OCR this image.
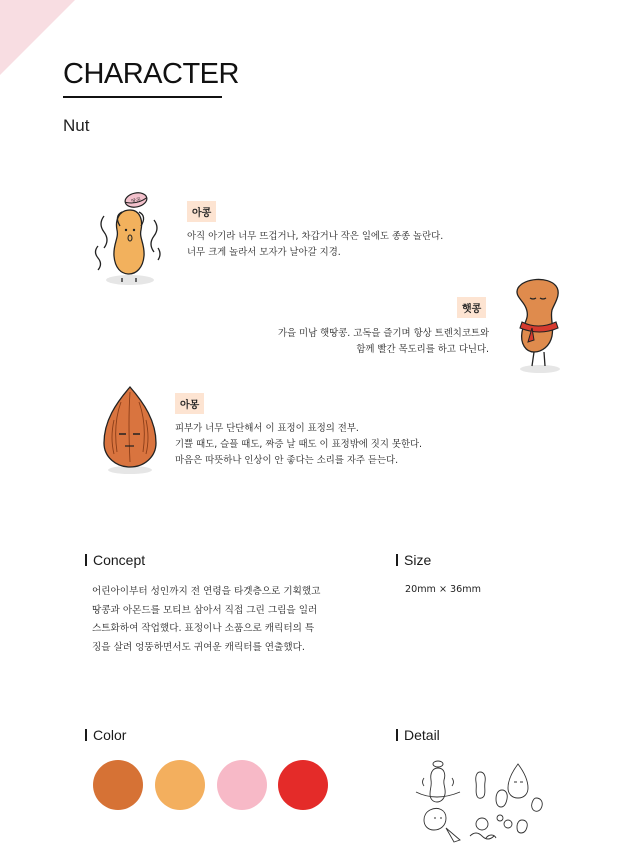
CHARACTER
Nut
땅콩
아콩
아직 아기라 너무 뜨겁거나, 차갑거나 작은 일에도 종종 놀란다.
너무 크게 놀라서 모자가 날아갈 지경.
햇콩
가을 미남 햇땅콩. 고독을 즐기며 항상 트렌치코트와
함께 빨간 목도리를 하고 다닌다.
아몽
피부가 너무 단단해서 이 표정이 표정의 전부.
기쁠 때도, 슬플 때도, 짜증 날 때도 이 표정밖에 짓지 못한다.
마음은 따뜻하나 인상이 안 좋다는 소리를 자주 듣는다.
Concept
어린아이부터 성인까지 전 연령을 타겟층으로 기획했고
땅콩과 아몬드를 모티브 삼아서 직접 그린 그림을 일러
스트화하여 작업했다. 표정이나 소품으로 캐릭터의 특
징을 살려 엉뚱하면서도 귀여운 캐릭터를 연출했다.
Size
20mm × 36mm
Color	Detail
